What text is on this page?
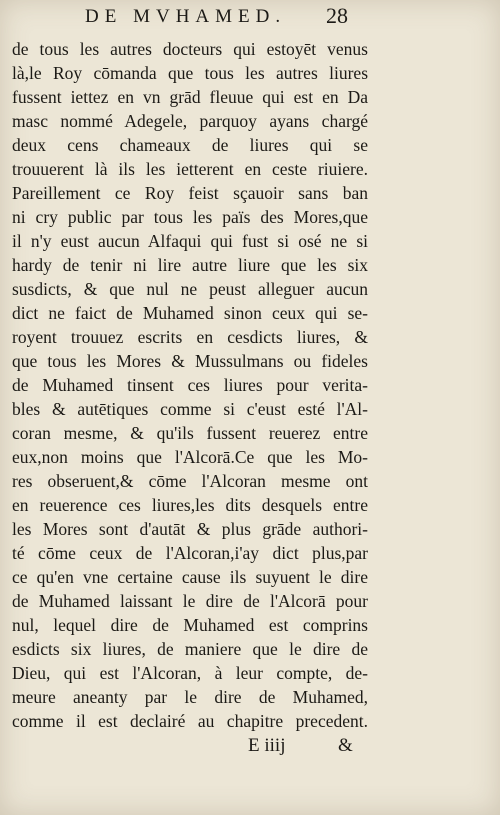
DE MVHAMED. 28
de tous les autres docteurs qui estoyēt venus
là,le Roy cōmanda que tous les autres liures
fussent iettez en vn grād fleuue qui est en Da
masc nommé Adegele, parquoy ayans chargé
deux cens chameaux de liures qui se
trouuerent là ils les ietterent en ceste riuiere.
Pareillement ce Roy feist sçauoir sans ban
ni cry public par tous les païs des Mores,que
il n'y eust aucun Alfaqui qui fust si osé ne si
hardy de tenir ni lire autre liure que les six
susdicts, & que nul ne peust alleguer aucun
dict ne faict de Muhamed sinon ceux qui se-
royent trouuez escrits en cesdicts liures, &
que tous les Mores & Mussulmans ou fideles
de Muhamed tinsent ces liures pour verita-
bles & autētiques comme si c'eust esté l'Al-
coran mesme, & qu'ils fussent reuerez entre
eux,non moins que l'Alcorā.Ce que les Mo-
res obseruent,& cōme l'Alcoran mesme ont
en reuerence ces liures,les dits desquels entre
les Mores sont d'autāt & plus grāde authori-
té cōme ceux de l'Alcoran,i'ay dict plus,par
ce qu'en vne certaine cause ils suyuent le dire
de Muhamed laissant le dire de l'Alcorā pour
nul, lequel dire de Muhamed est comprins
esdicts six liures, de maniere que le dire de
Dieu, qui est l'Alcoran, à leur compte, de-
meure aneanty par le dire de Muhamed,
comme il est declairé au chapitre precedent.
E iiij	&
